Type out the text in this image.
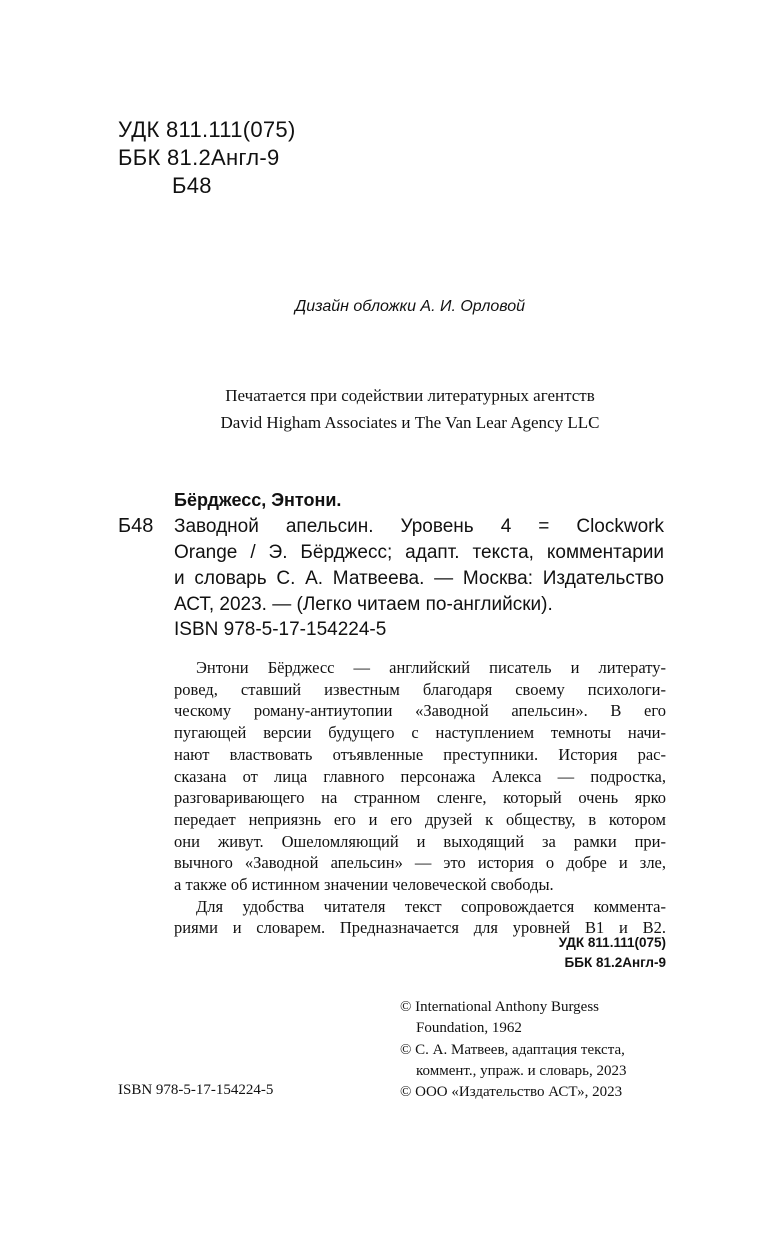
УДК 811.111(075)
ББК 81.2Англ-9
Б48
Дизайн обложки А. И. Орловой
Печатается при содействии литературных агентств
David Higham Associates и The Van Lear Agency LLC
Бёрджесс, Энтони.
Б48 Заводной апельсин. Уровень 4 = Clockwork
Orange / Э. Бёрджесс; адапт. текста, комментарии
и словарь С. А. Матвеева. — Москва: Издательство
АСТ, 2023. — (Легко читаем по-английски).
ISBN 978-5-17-154224-5
Энтони Бёрджесс — английский писатель и литерату-
ровед, ставший известным благодаря своему психологи-
ческому роману-антиутопии «Заводной апельсин». В его
пугающей версии будущего с наступлением темноты начи-
нают властвовать отъявленные преступники. История рас-
сказана от лица главного персонажа Алекса — подростка,
разговаривающего на странном сленге, который очень ярко
передает неприязнь его и его друзей к обществу, в котором
они живут. Ошеломляющий и выходящий за рамки при-
вычного «Заводной апельсин» — это история о добре и зле,
а также об истинном значении человеческой свободы.
Для удобства читателя текст сопровождается коммента-
риями и словарем. Предназначается для уровней B1 и B2.
УДК 811.111(075)
ББК 81.2Англ-9
© International Anthony Burgess
Foundation, 1962
© С. А. Матвеев, адаптация текста,
коммент., упраж. и словарь, 2023
© ООО «Издательство АСТ», 2023
ISBN 978-5-17-154224-5
